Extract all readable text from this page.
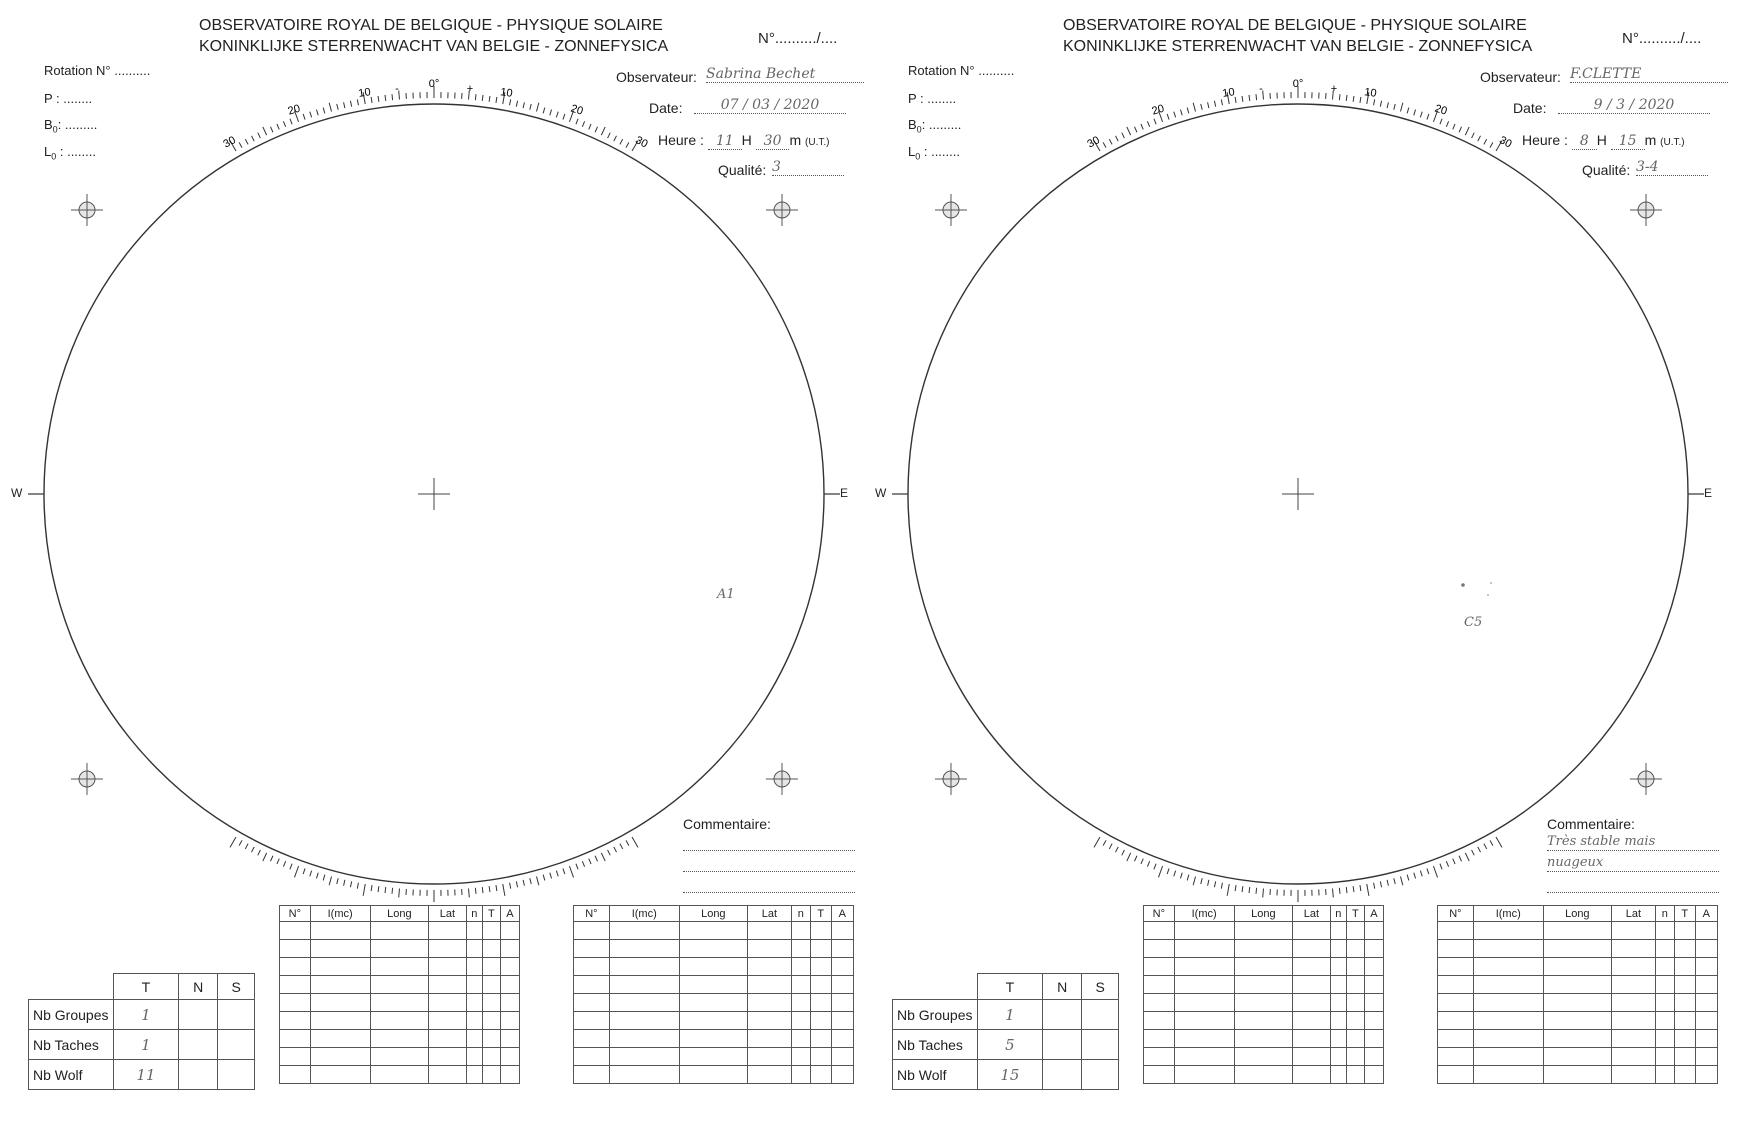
0°
-	+
10
20
30
10
20
30
OBSERVATOIRE ROYAL DE BELGIQUE - PHYSIQUE SOLAIRE
KONINKLIJKE STERRENWACHT VAN BELGIE - ZONNEFYSICA	N°........../....
Rotation N° ..........
P : ........
$B_0$: .........
$L_0$ : ........
Observateur: Sabrina Bechet
Date:	07 / 03 / 2020
Heure : 11 H 30 m (U.T.)
Qualité: 3
W	E
A1
Commentaire:
N°	I(mc)	Long	Lat	n	T	A

							N°	I(mc)	Long	Lat	n	T	A

	T	N	S
Nb Groupes	1		
Nb Taches	1		
Nb Wolf	11		
0°
-	+
10
20
30
10
20
30
OBSERVATOIRE ROYAL DE BELGIQUE - PHYSIQUE SOLAIRE
KONINKLIJKE STERRENWACHT VAN BELGIE - ZONNEFYSICA	N°........../....
Rotation N° ..........
P : ........
$B_0$: .........
$L_0$ : ........
Observateur: F.CLETTE
Date:	9 / 3 / 2020
Heure : 8 H 15 m (U.T.)
Qualité: 3-4
W	E
C5
Commentaire:
Très stable mais
nuageux
N°	I(mc)	Long	Lat	n	T	A

							N°	I(mc)	Long	Lat	n	T	A

	T	N	S
Nb Groupes	1		
Nb Taches	5		
Nb Wolf	15		
